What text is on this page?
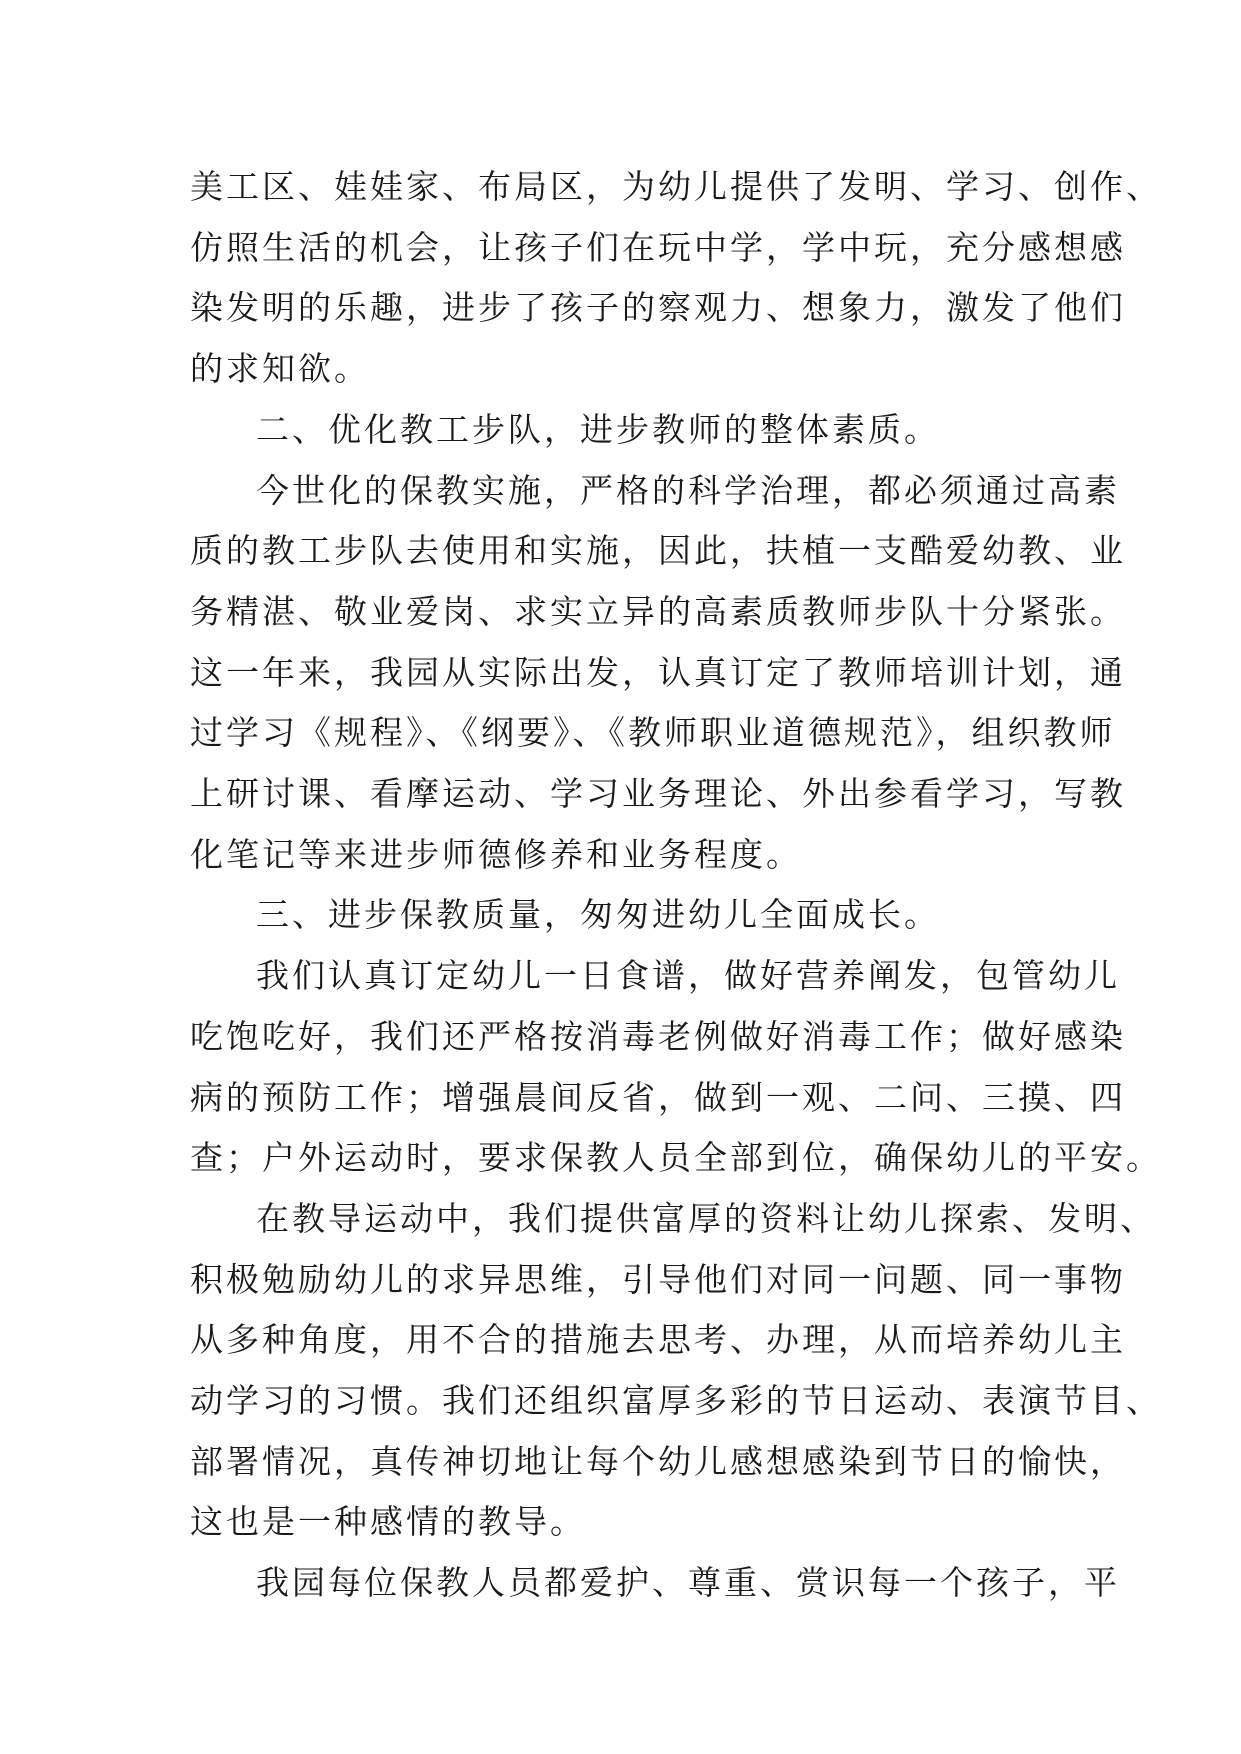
美工区、娃娃家、布局区，为幼儿提供了发明、学习、创作、
仿照生活的机会，让孩子们在玩中学，学中玩，充分感想感
染发明的乐趣，进步了孩子的察观力、想象力，激发了他们
的求知欲。
二、优化教工步队，进步教师的整体素质。
今世化的保教实施，严格的科学治理，都必须通过高素
质的教工步队去使用和实施，因此，扶植一支酷爱幼教、业
务精湛、敬业爱岗、求实立异的高素质教师步队十分紧张。
这一年来，我园从实际出发，认真订定了教师培训计划，通
过学习《规程》、《纲要》、《教师职业道德规范》，组织教师
上研讨课、看摩运动、学习业务理论、外出参看学习，写教
化笔记等来进步师德修养和业务程度。
三、进步保教质量，匆匆进幼儿全面成长。
我们认真订定幼儿一日食谱，做好营养阐发，包管幼儿
吃饱吃好，我们还严格按消毒老例做好消毒工作；做好感染
病的预防工作；增强晨间反省，做到一观、二问、三摸、四
查；户外运动时，要求保教人员全部到位，确保幼儿的平安。
在教导运动中，我们提供富厚的资料让幼儿探索、发明、
积极勉励幼儿的求异思维，引导他们对同一问题、同一事物
从多种角度，用不合的措施去思考、办理，从而培养幼儿主
动学习的习惯。我们还组织富厚多彩的节日运动、表演节目、
部署情况，真传神切地让每个幼儿感想感染到节日的愉快，
这也是一种感情的教导。
我园每位保教人员都爱护、尊重、赏识每一个孩子，平
